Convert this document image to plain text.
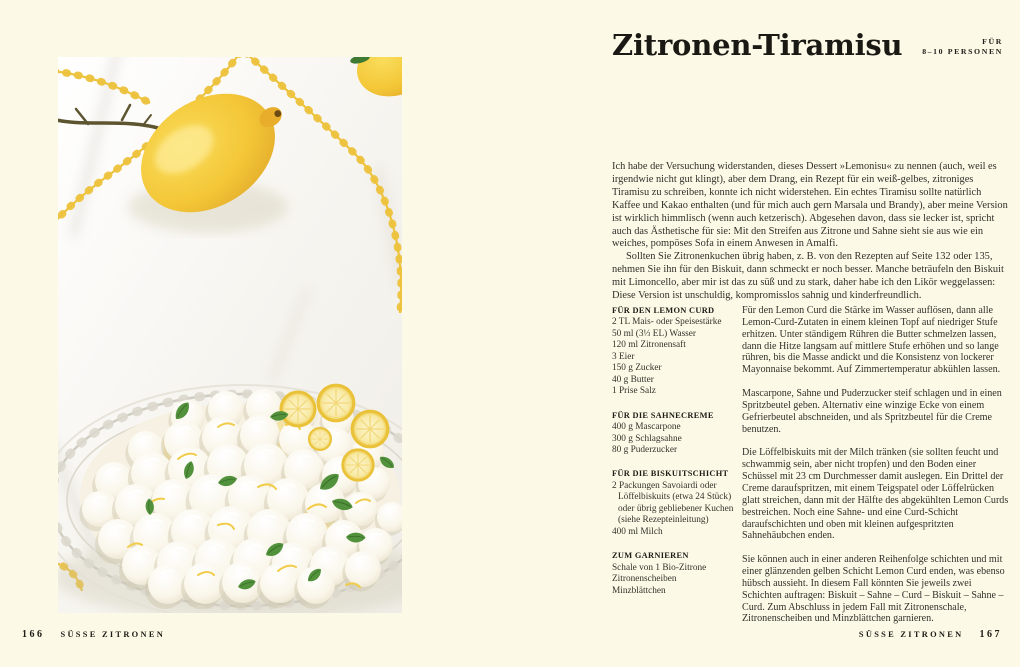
166 SÜSSE ZITRONEN
Zitronen-Tiramisu	FÜR
8–10 PERSONEN

Ich habe der Versuchung widerstanden, dieses Dessert »Lemonisu« zu nennen (auch, weil es irgendwie nicht gut klingt), aber dem Drang, ein Rezept für ein weiß-gelbes, zitroniges Tiramisu zu schreiben, konnte ich nicht widerstehen. Ein echtes Tiramisu sollte natürlich Kaffee und Kakao enthalten (und für mich auch gern Marsala und Brandy), aber meine Version ist wirklich himmlisch (wenn auch ketzerisch). Abgesehen davon, dass sie lecker ist, spricht auch das Ästhetische für sie: Mit den Streifen aus Zitrone und Sahne sieht sie aus wie ein weiches, pompöses Sofa in einem Anwesen in Amalfi.

Sollten Sie Zitronenkuchen übrig haben, z. B. von den Rezepten auf Seite 132 oder 135, nehmen Sie ihn für den Biskuit, dann schmeckt er noch besser. Manche beträufeln den Biskuit mit Limoncello, aber mir ist das zu süß und zu stark, daher habe ich den Likör weggelassen: Diese Version ist unschuldig, kompromisslos sahnig und kinderfreundlich.

FÜR DEN LEMON CURD
2 TL Mais- oder Speisestärke
50 ml (3⅓ EL) Wasser
120 ml Zitronensaft
3 Eier
150 g Zucker
40 g Butter
1 Prise Salz
FÜR DIE SAHNECREME
400 g Mascarpone
300 g Schlagsahne
80 g Puderzucker
FÜR DIE BISKUITSCHICHT
2 Packungen Savoiardi oder Löffelbiskuits (etwa 24 Stück) oder übrig gebliebener Kuchen (siehe Rezepteinleitung)
400 ml Milch
ZUM GARNIEREN
Schale von 1 Bio-Zitrone
Zitronenscheiben
Minzblättchen

Für den Lemon Curd die Stärke im Wasser auflösen, dann alle Lemon-Curd-Zutaten in einem kleinen Topf auf niedriger Stufe erhitzen. Unter ständigem Rühren die Butter schmelzen lassen, dann die Hitze langsam auf mittlere Stufe erhöhen und so lange rühren, bis die Masse andickt und die Konsistenz von lockerer Mayonnaise bekommt. Auf Zimmertemperatur abkühlen lassen.

Mascarpone, Sahne und Puderzucker steif schlagen und in einen Spritzbeutel geben. Alternativ eine winzige Ecke von einem Gefrierbeutel abschneiden, und als Spritzbeutel für die Creme benutzen.

Die Löffelbiskuits mit der Milch tränken (sie sollten feucht und schwammig sein, aber nicht tropfen) und den Boden einer Schüssel mit 23 cm Durchmesser damit auslegen. Ein Drittel der Creme daraufspritzen, mit einem Teigspatel oder Löffelrücken glatt streichen, dann mit der Hälfte des abgekühlten Lemon Curds bestreichen. Noch eine Sahne- und eine Curd-Schicht daraufschichten und oben mit kleinen aufgespritzten Sahnehäubchen enden.

Sie können auch in einer anderen Reihenfolge schichten und mit einer glänzenden gelben Schicht Lemon Curd enden, was ebenso hübsch aussieht. In diesem Fall könnten Sie jeweils zwei Schichten auftragen: Biskuit – Sahne – Curd – Biskuit – Sahne – Curd. Zum Abschluss in jedem Fall mit Zitronenschale, Zitronenscheiben und Minzblättchen garnieren.

SÜSSE ZITRONEN 167
